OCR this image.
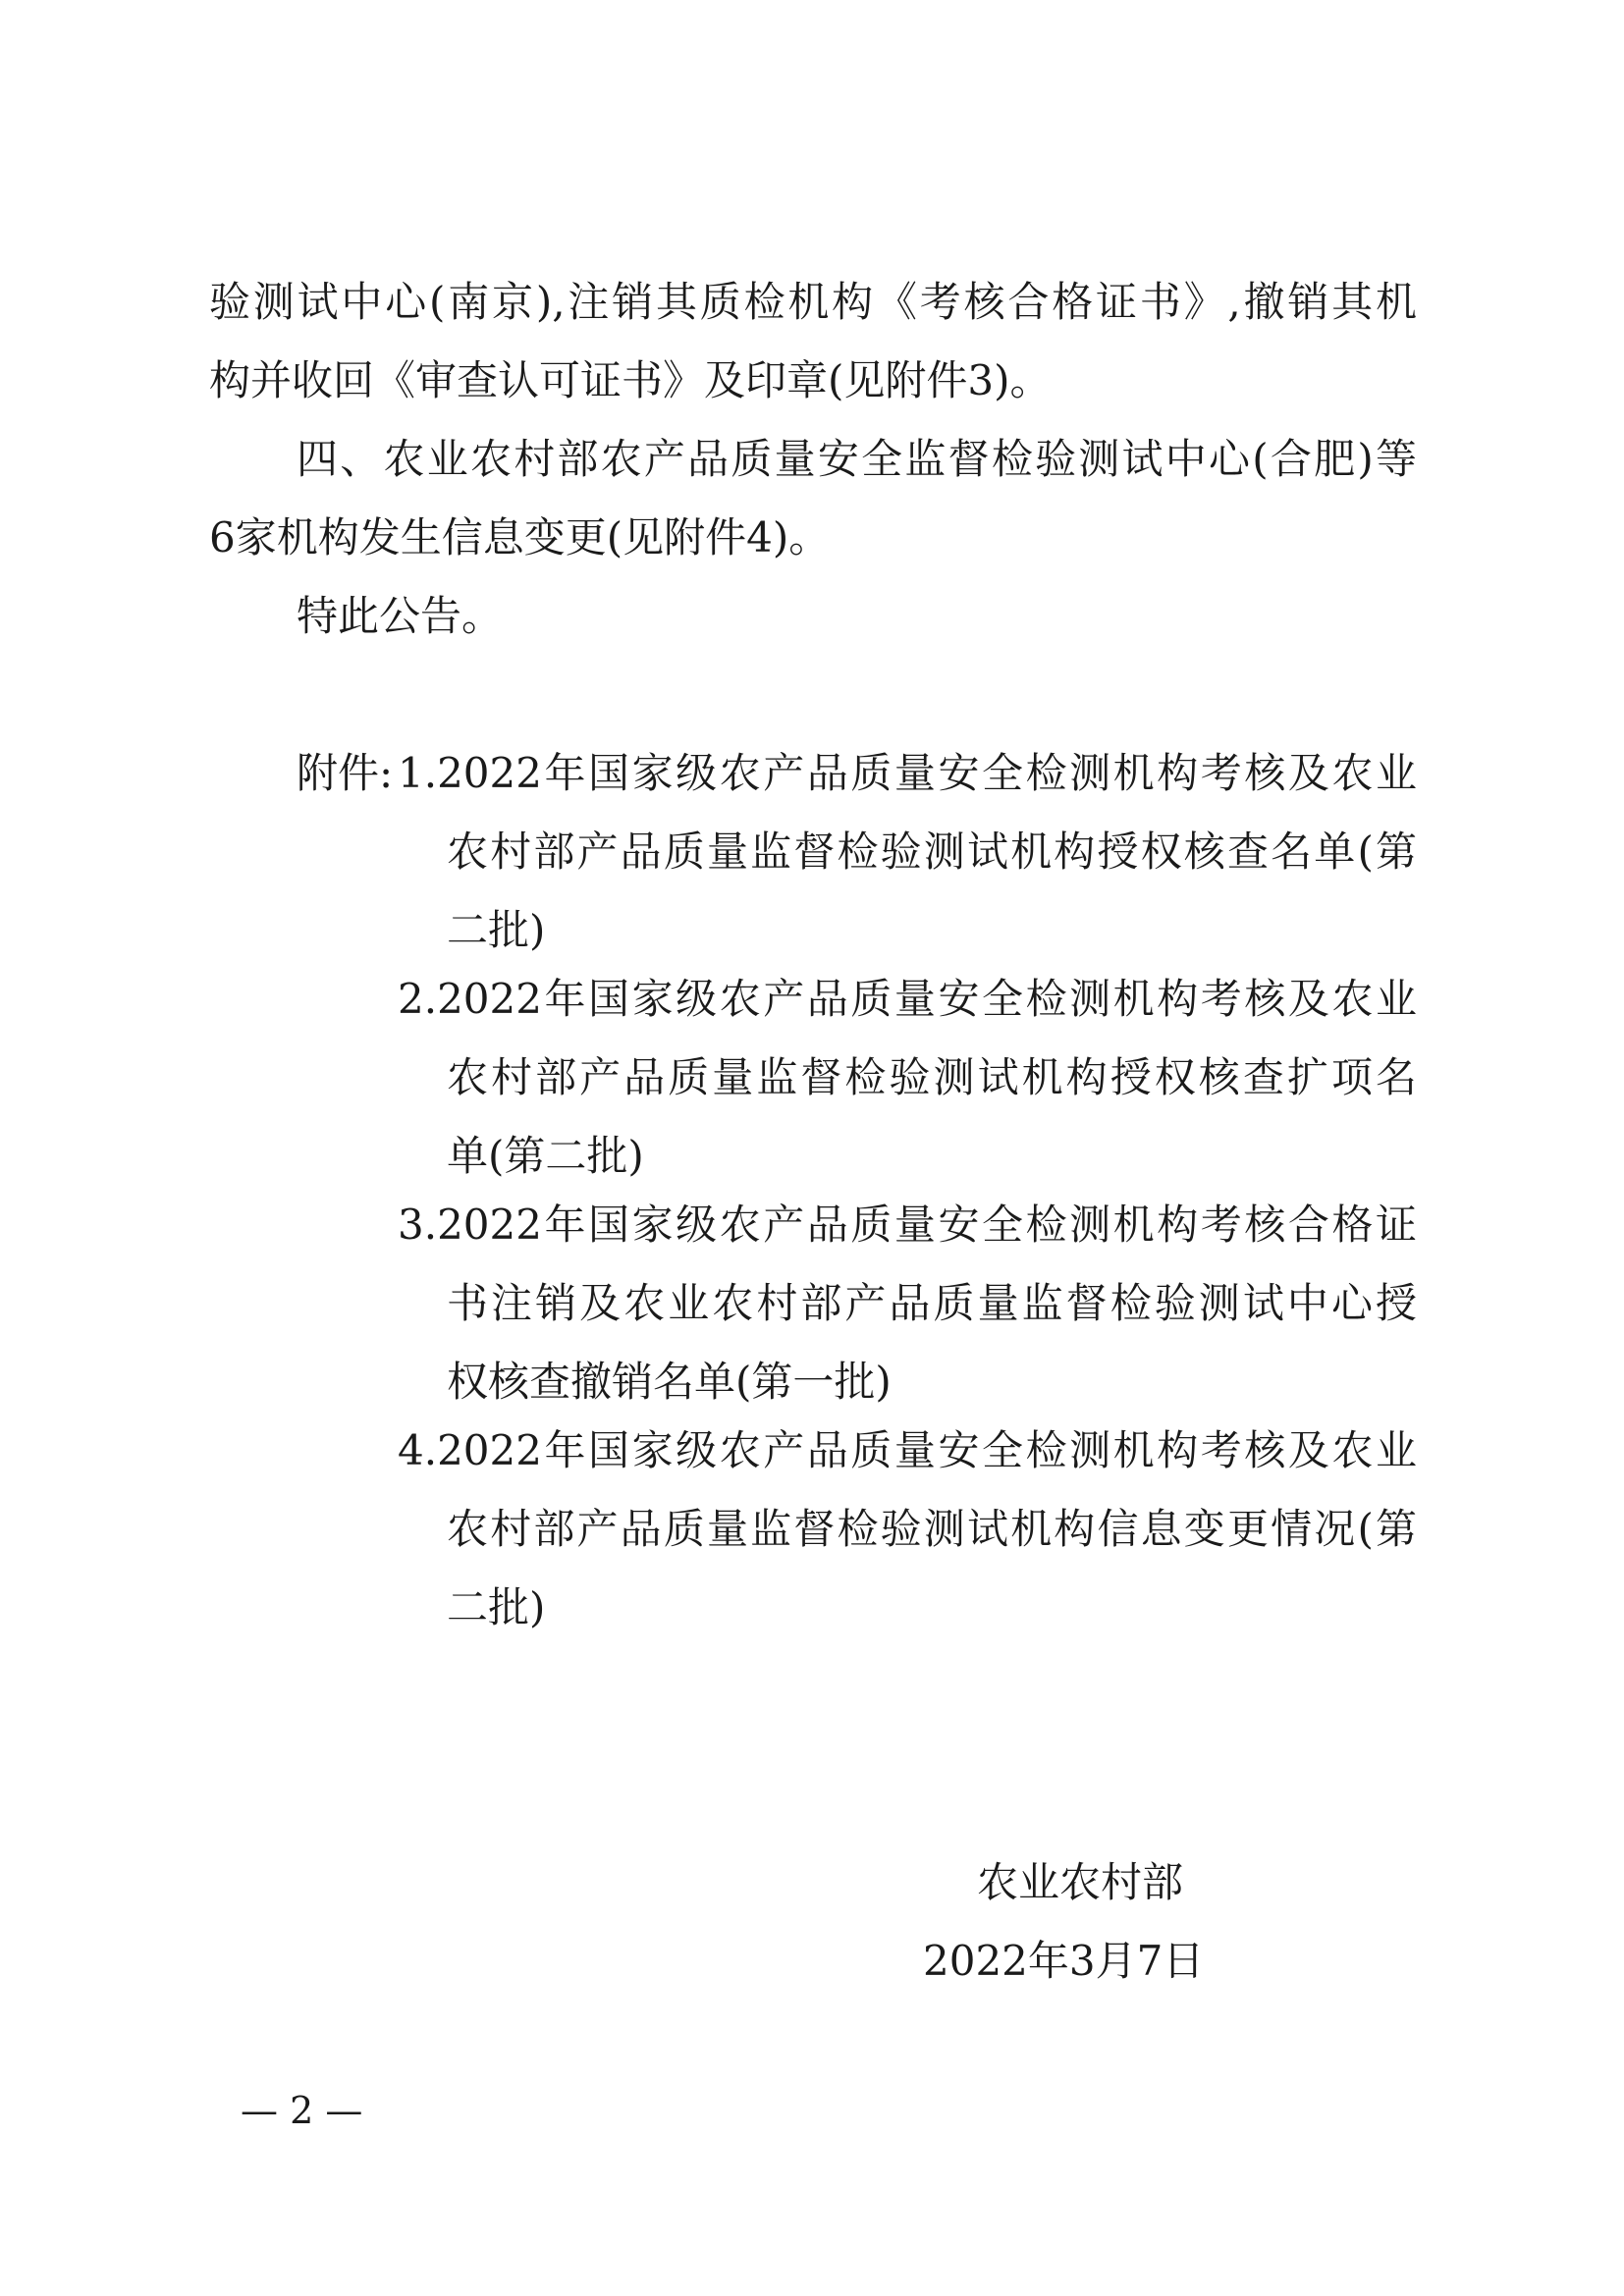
验测试中心(南京),注销其质检机构《考核合格证书》,撤销其机

构并收回《审查认可证书》及印章(见附件3)。

四、农业农村部农产品质量安全监督检验测试中心(合肥)等

6家机构发生信息变更(见附件4)。

特此公告。

附件: 1.2022年国家级农产品质量安全检测机构考核及农业

农村部产品质量监督检验测试机构授权核查名单(第

二批)

2.2022年国家级农产品质量安全检测机构考核及农业

农村部产品质量监督检验测试机构授权核查扩项名

单(第二批)

3.2022年国家级农产品质量安全检测机构考核合格证

书注销及农业农村部产品质量监督检验测试中心授

权核查撤销名单(第一批)

4.2022年国家级农产品质量安全检测机构考核及农业

农村部产品质量监督检验测试机构信息变更情况(第

二批)

农业农村部
2022年3月7日
— 2 —
